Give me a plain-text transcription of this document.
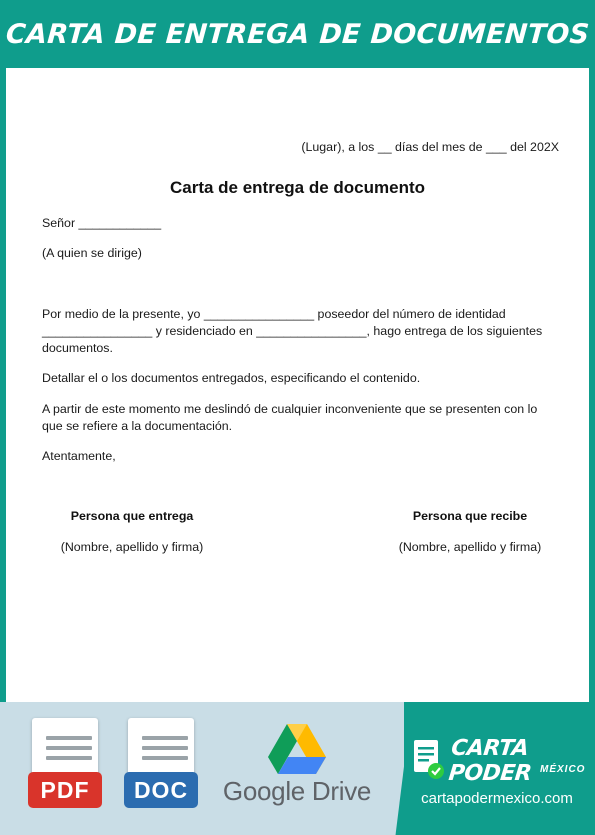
CARTA DE ENTREGA DE DOCUMENTOS
(Lugar), a los __ días del mes de ___ del 202X
Carta de entrega de documento
Señor ____________
(A quien se dirige)
Por medio de la presente, yo ________________ poseedor del número de identidad ________________ y residenciado en ________________, hago entrega de los siguientes documentos.
Detallar el o los documentos entregados, especificando el contenido.
A partir de este momento me deslindó de cualquier inconveniente que se presenten con lo que se refiere a la documentación.
Atentamente,
Persona que entrega
(Nombre, apellido y firma)
Persona que recibe
(Nombre, apellido y firma)
PDF	DOC	Google Drive
CARTA PODER MÉXICO
cartapodermexico.com
